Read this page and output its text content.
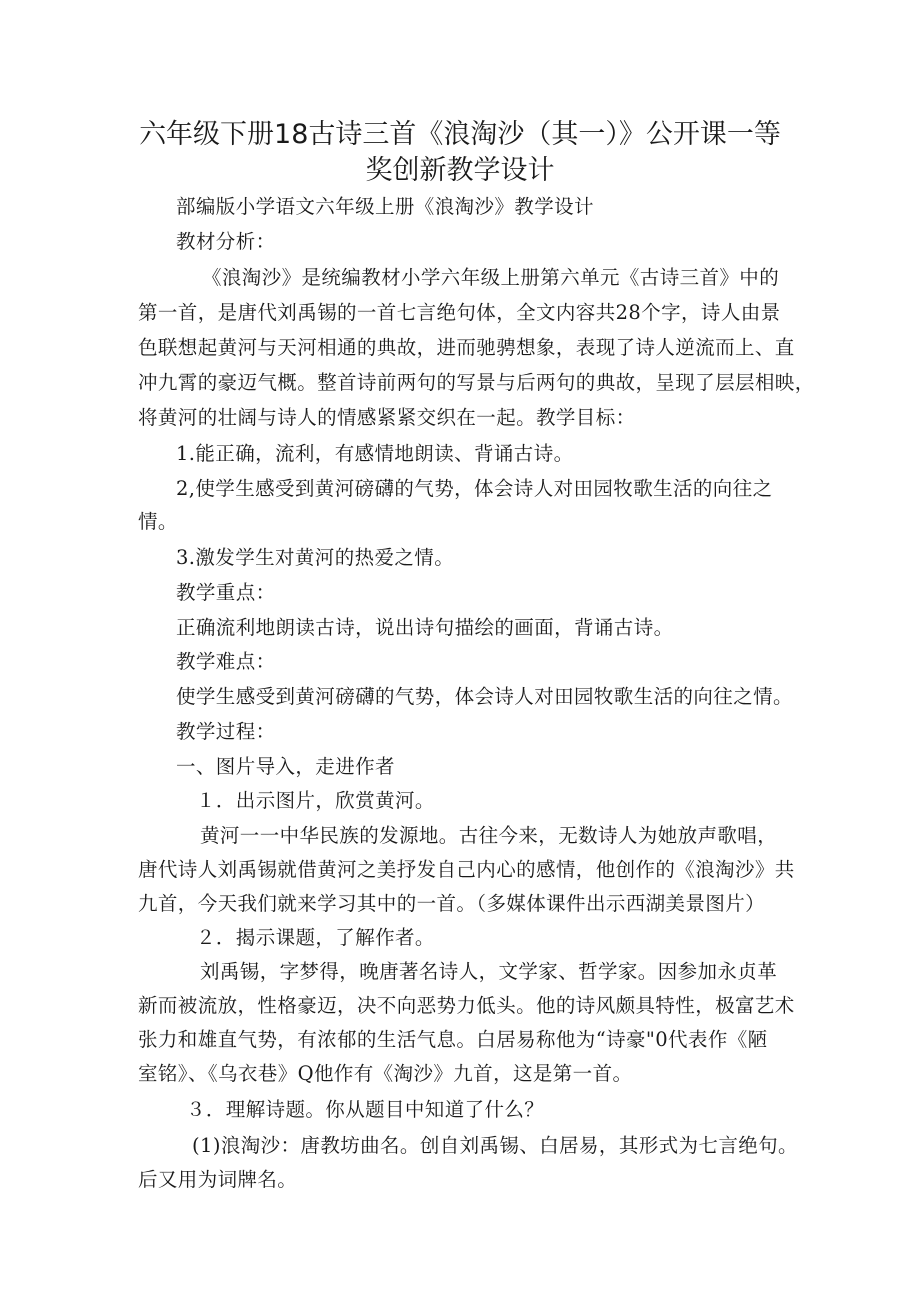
六年级下册18古诗三首《浪淘沙（其一）》公开课一等
奖创新教学设计
部编版小学语文六年级上册《浪淘沙》教学设计
教材分析：
《浪淘沙》是统编教材小学六年级上册第六单元《古诗三首》中的
第一首，是唐代刘禹锡的一首七言绝句体，全文内容共28个字，诗人由景
色联想起黄河与天河相通的典故，进而驰骋想象，表现了诗人逆流而上、直
冲九霄的豪迈气概。整首诗前两句的写景与后两句的典故，呈现了层层相映，
将黄河的壮阔与诗人的情感紧紧交织在一起。教学目标：
1.能正确，流利，有感情地朗读、背诵古诗。
2,使学生感受到黄河磅礴的气势，体会诗人对田园牧歌生活的向往之
情。
3.激发学生对黄河的热爱之情。
教学重点：
正确流利地朗读古诗，说出诗句描绘的画面，背诵古诗。
教学难点：
使学生感受到黄河磅礴的气势，体会诗人对田园牧歌生活的向往之情。
教学过程：
一、图片导入，走进作者
１．出示图片，欣赏黄河。
黄河一一中华民族的发源地。古往今来，无数诗人为她放声歌唱，
唐代诗人刘禹锡就借黄河之美抒发自己内心的感情，他创作的《浪淘沙》共
九首，今天我们就来学习其中的一首。（多媒体课件出示西湖美景图片）
２．揭示课题，了解作者。
刘禹锡，字梦得，晚唐著名诗人，文学家、哲学家。因参加永贞革
新而被流放，性格豪迈，决不向恶势力低头。他的诗风颇具特性，极富艺术
张力和雄直气势，有浓郁的生活气息。白居易称他为“诗豪"0代表作《陋
室铭》、《乌衣巷》Q他作有《淘沙》九首，这是第一首。
３．理解诗题。你从题目中知道了什么？
(1)浪淘沙：唐教坊曲名。创自刘禹锡、白居易，其形式为七言绝句。
后又用为词牌名。
